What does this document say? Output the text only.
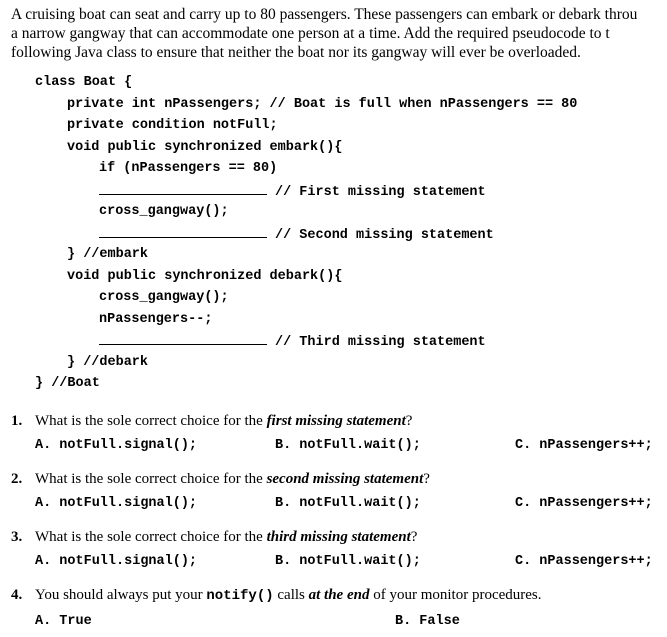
A cruising boat can seat and carry up to 80 passengers. These passengers can embark or debark throu
a narrow gangway that can accommodate one person at a time. Add the required pseudocode to t
following Java class to ensure that neither the boat nor its gangway will ever be overloaded.
class Boat {
private int nPassengers; // Boat is full when nPassengers == 80
private condition notFull;
void public synchronized embark(){
if (nPassengers == 80)
// First missing statement
cross_gangway();
// Second missing statement
} //embark
void public synchronized debark(){
cross_gangway();
nPassengers--;
// Third missing statement
} //debark
} //Boat
1. What is the sole correct choice for the first missing statement?
A. notFull.signal();	B. notFull.wait();	C. nPassengers++;
2. What is the sole correct choice for the second missing statement?
A. notFull.signal();	B. notFull.wait();	C. nPassengers++;
3. What is the sole correct choice for the third missing statement?
A. notFull.signal();	B. notFull.wait();	C. nPassengers++;
4. You should always put your notify() calls at the end of your monitor procedures.
A. True	B. False
